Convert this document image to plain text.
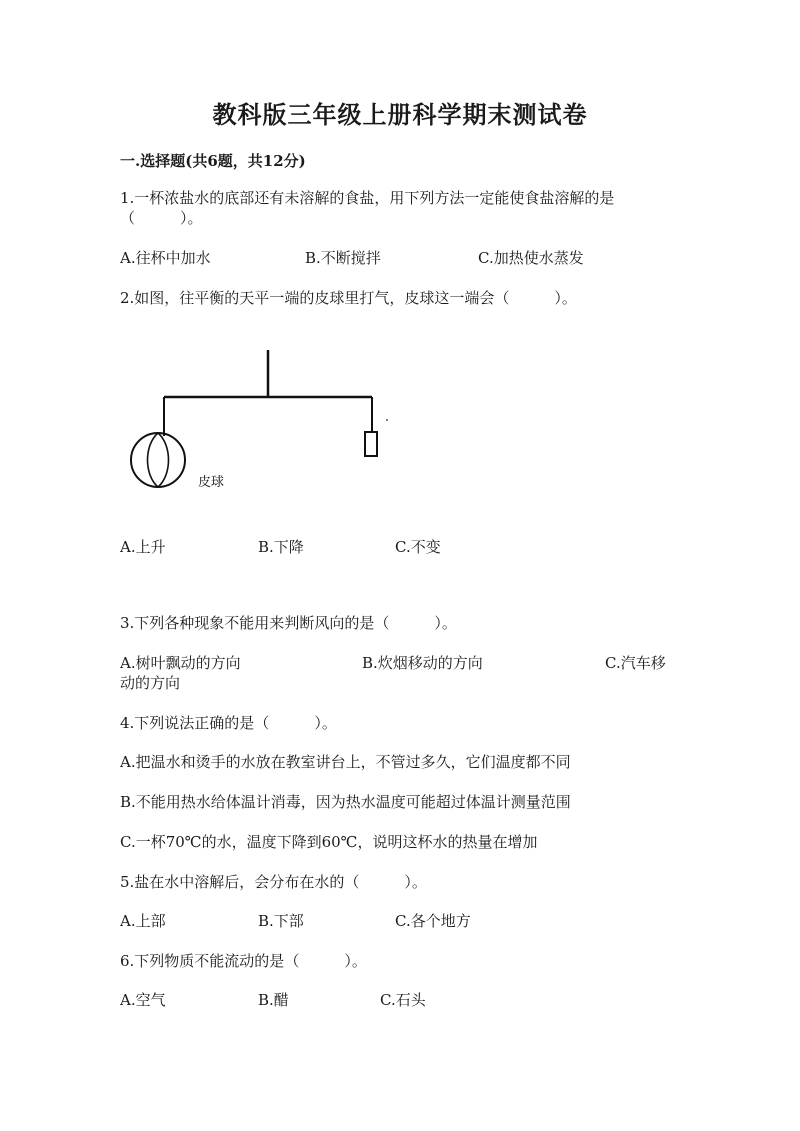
教科版三年级上册科学期末测试卷
一.选择题(共6题，共12分)
1.一杯浓盐水的底部还有未溶解的食盐，用下列方法一定能使食盐溶解的是
（　　　）。
A.往杯中加水	B.不断搅拌	C.加热使水蒸发
2.如图，往平衡的天平一端的皮球里打气，皮球这一端会（　　　）。
皮球
A.上升	B.下降	C.不变
3.下列各种现象不能用来判断风向的是（　　　）。
A.树叶飘动的方向	B.炊烟移动的方向	C.汽车移
动的方向
4.下列说法正确的是（　　　）。
A.把温水和烫手的水放在教室讲台上，不管过多久，它们温度都不同
B.不能用热水给体温计消毒，因为热水温度可能超过体温计测量范围
C.一杯70℃的水，温度下降到60℃，说明这杯水的热量在增加
5.盐在水中溶解后，会分布在水的（　　　）。
A.上部	B.下部	C.各个地方
6.下列物质不能流动的是（　　　）。
A.空气	B.醋	C.石头
